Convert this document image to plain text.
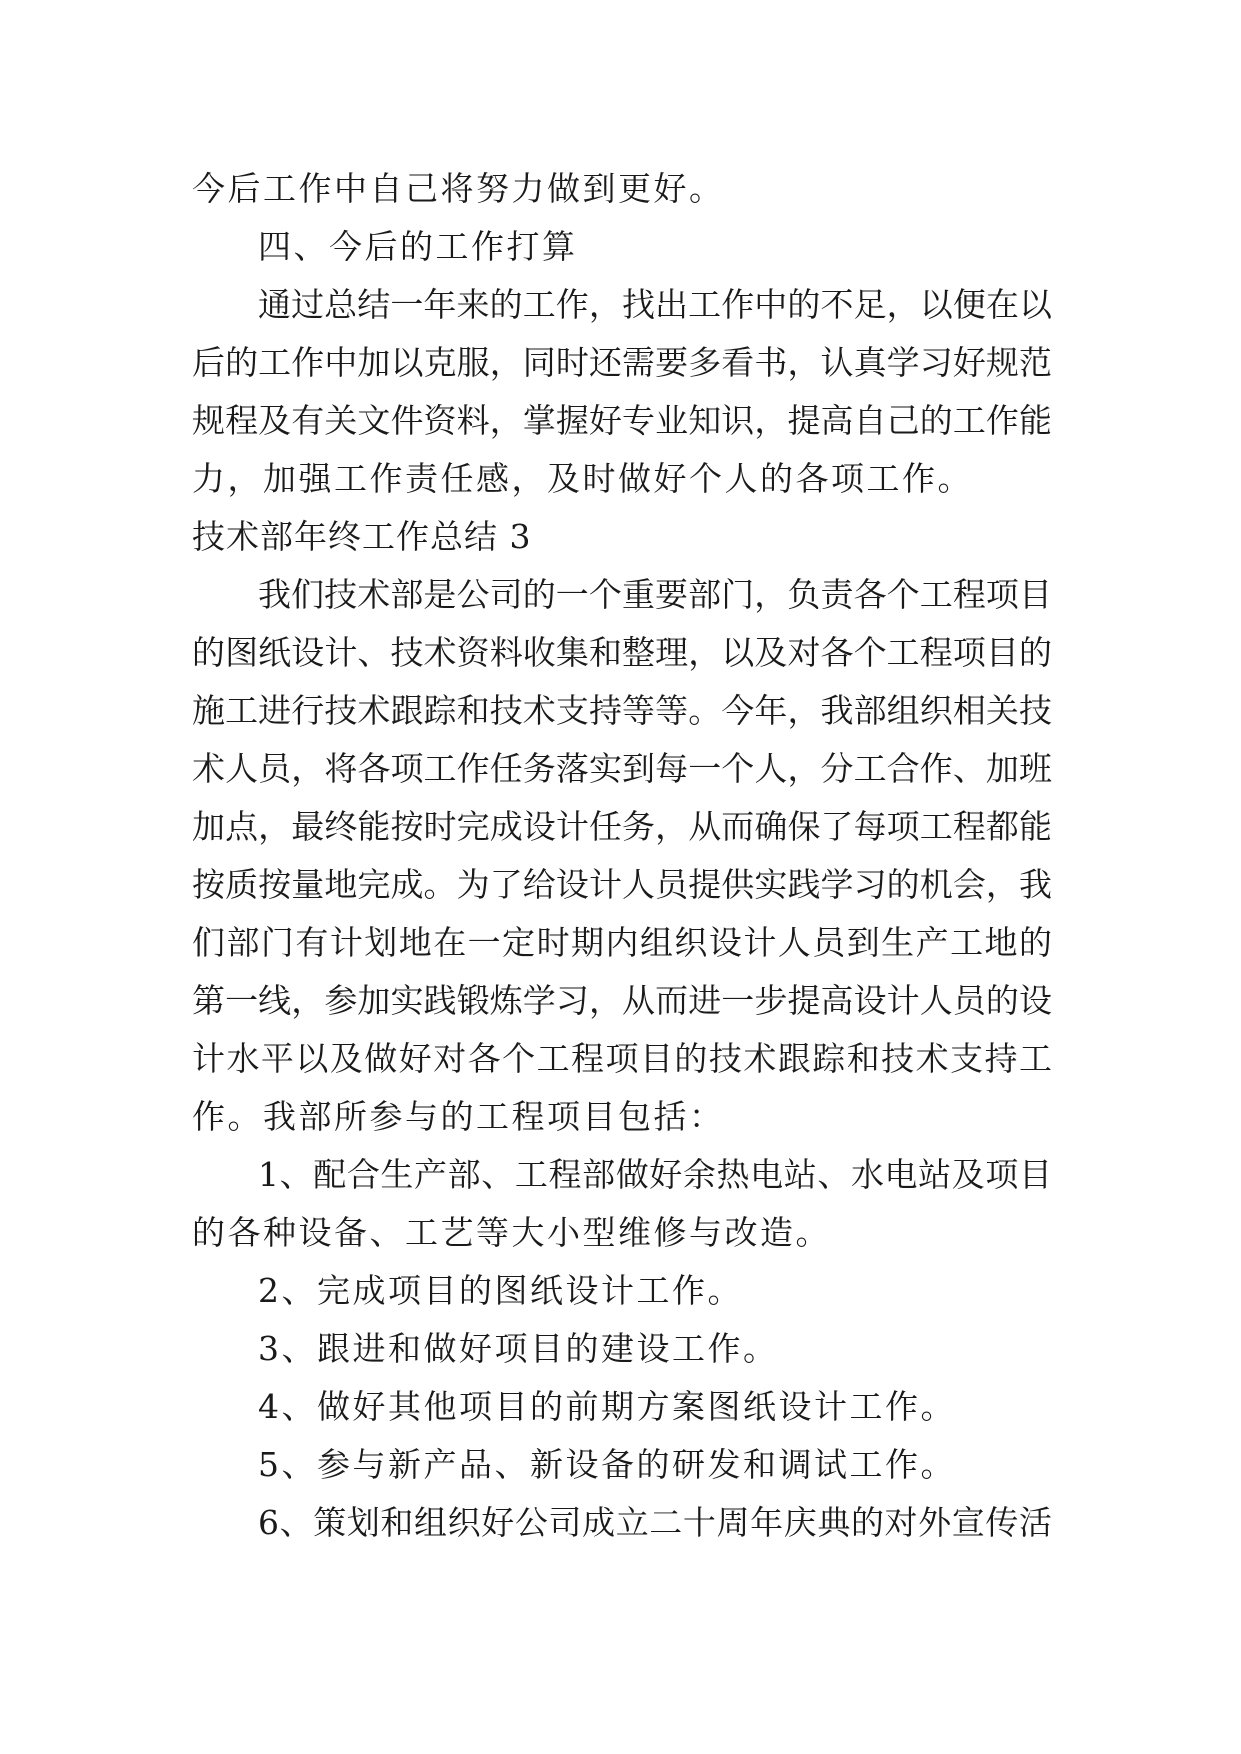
今后工作中自己将努力做到更好。

四、今后的工作打算

通过总结一年来的工作，找出工作中的不足，以便在以

后的工作中加以克服，同时还需要多看书，认真学习好规范

规程及有关文件资料，掌握好专业知识，提高自己的工作能

力，加强工作责任感，及时做好个人的各项工作。

技术部年终工作总结 3

我们技术部是公司的一个重要部门，负责各个工程项目

的图纸设计、技术资料收集和整理，以及对各个工程项目的

施工进行技术跟踪和技术支持等等。今年，我部组织相关技

术人员，将各项工作任务落实到每一个人，分工合作、加班

加点，最终能按时完成设计任务，从而确保了每项工程都能

按质按量地完成。为了给设计人员提供实践学习的机会，我

们部门有计划地在一定时期内组织设计人员到生产工地的

第一线，参加实践锻炼学习，从而进一步提高设计人员的设

计水平以及做好对各个工程项目的技术跟踪和技术支持工

作。我部所参与的工程项目包括：

1、配合生产部、工程部做好余热电站、水电站及项目

的各种设备、工艺等大小型维修与改造。

2、完成项目的图纸设计工作。

3、跟进和做好项目的建设工作。

4、做好其他项目的前期方案图纸设计工作。

5、参与新产品、新设备的研发和调试工作。

6、策划和组织好公司成立二十周年庆典的对外宣传活
